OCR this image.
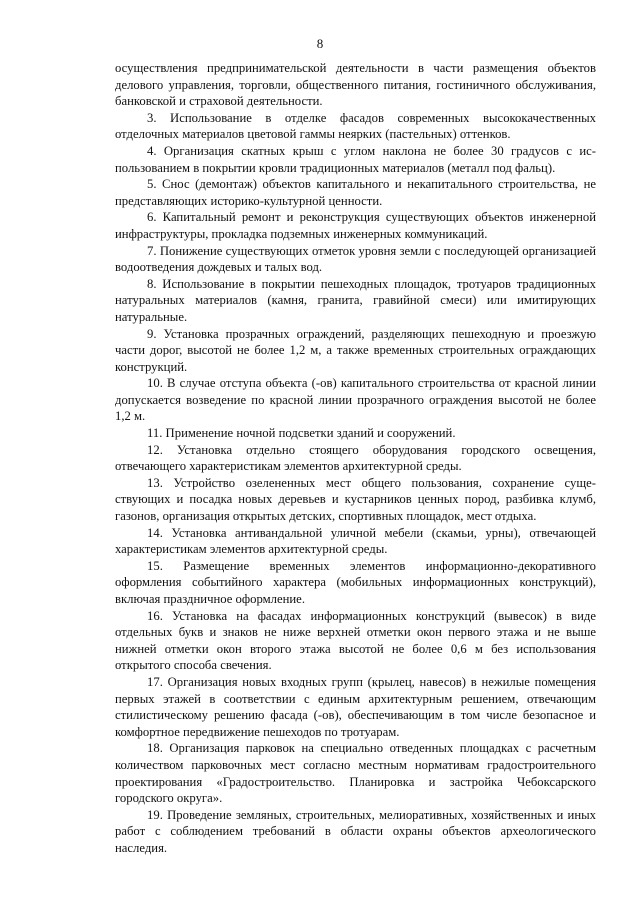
8

осуществления предпринимательской деятельности в части размещения объектов делового управления, торговли, общественного питания, гостиничного обслуживания, банковской и страховой деятельности.

3. Использование в отделке фасадов современных высококачественных отделочных материалов цветовой гаммы неярких (пастельных) оттенков.

4. Организация скатных крыш с углом наклона не более 30 градусов с использованием в покрытии кровли традиционных материалов (металл под фальц).

5. Снос (демонтаж) объектов капитального и некапитального строительства, не представляющих историко-культурной ценности.

6. Капитальный ремонт и реконструкция существующих объектов инженерной инфраструктуры, прокладка подземных инженерных коммуникаций.

7. Понижение существующих отметок уровня земли с последующей организацией водоотведения дождевых и талых вод.

8. Использование в покрытии пешеходных площадок, тротуаров традиционных натуральных материалов (камня, гранита, гравийной смеси) или имитирующих натуральные.

9. Установка прозрачных ограждений, разделяющих пешеходную и проезжую части дорог, высотой не более 1,2 м, а также временных строительных ограждающих конструкций.

10. В случае отступа объекта (-ов) капитального строительства от красной линии допускается возведение по красной линии прозрачного ограждения высотой не более 1,2 м.

11. Применение ночной подсветки зданий и сооружений.

12. Установка отдельно стоящего оборудования городского освещения, отвечающего характеристикам элементов архитектурной среды.

13. Устройство озелененных мест общего пользования, сохранение существующих и посадка новых деревьев и кустарников ценных пород, разбивка клумб, газонов, организация открытых детских, спортивных площадок, мест отдыха.

14. Установка антивандальной уличной мебели (скамьи, урны), отвечающей характеристикам элементов архитектурной среды.

15. Размещение временных элементов информационно-декоративного оформления событийного характера (мобильных информационных конструкций), включая праздничное оформление.

16. Установка на фасадах информационных конструкций (вывесок) в виде отдельных букв и знаков не ниже верхней отметки окон первого этажа и не выше нижней отметки окон второго этажа высотой не более 0,6 м без использования открытого способа свечения.

17. Организация новых входных групп (крылец, навесов) в нежилые помещения первых этажей в соответствии с единым архитектурным решением, отвечающим стилистическому решению фасада (-ов), обеспечивающим в том числе безопасное и комфортное передвижение пешеходов по тротуарам.

18. Организация парковок на специально отведенных площадках с расчетным количеством парковочных мест согласно местным нормативам градостроительного проектирования «Градостроительство. Планировка и застройка Чебоксарского городского округа».

19. Проведение земляных, строительных, мелиоративных, хозяйственных и иных работ с соблюдением требований в области охраны объектов археологического наследия.
